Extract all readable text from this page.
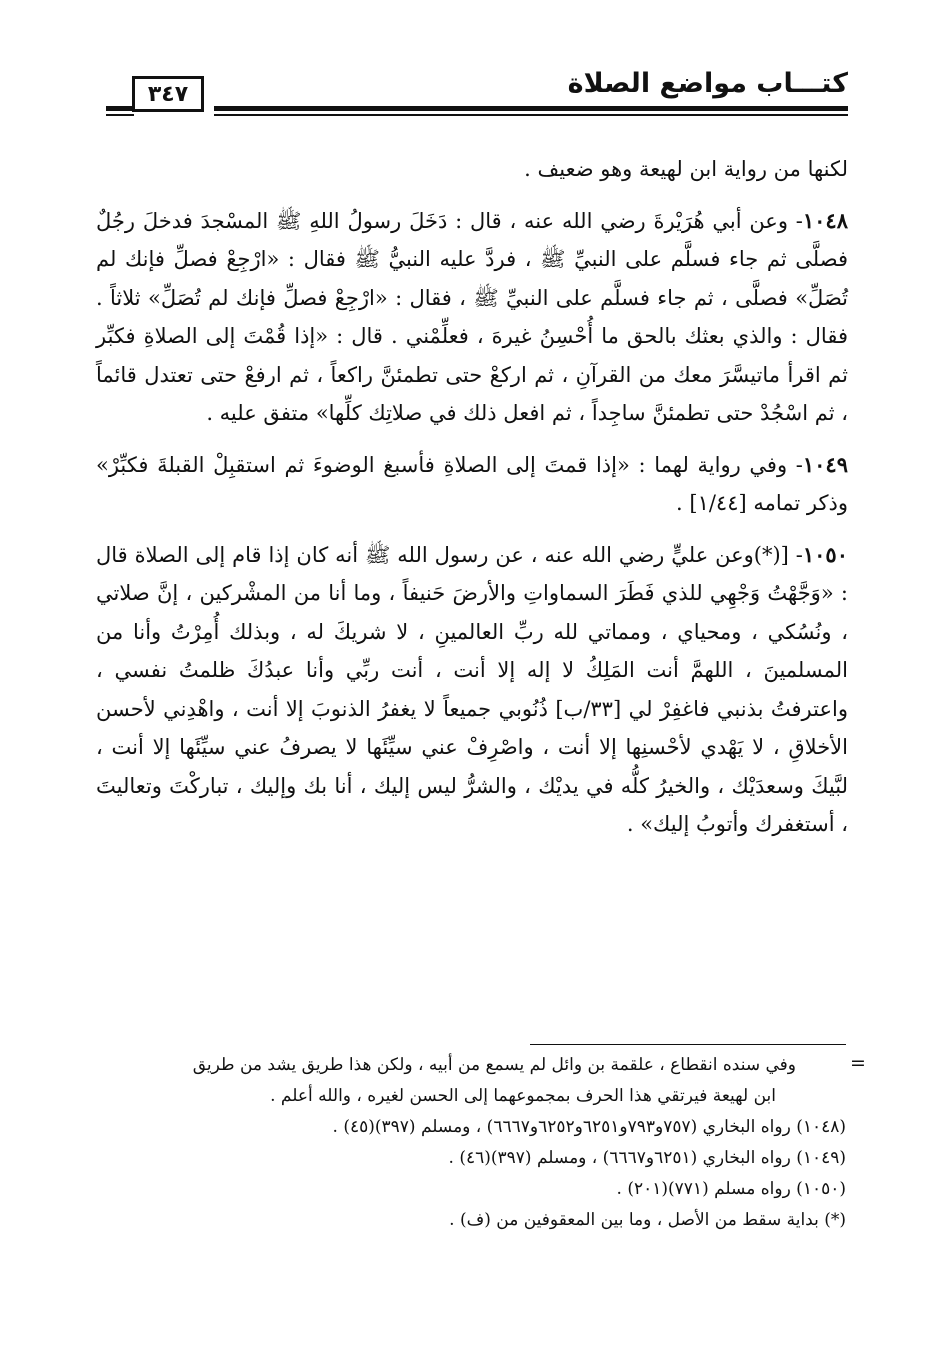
كتـــاب مواضع الصلاة
٣٤٧

لكنها من رواية ابن لهيعة وهو ضعيف .

١٠٤٨- وعن أبي هُرَيْرةَ رضي الله عنه ، قال : دَخَلَ رسولُ اللهِ ﷺ المسْجدَ فدخلَ رجُلٌ فصلَّى ثم جاء فسلَّم على النبيِّ ﷺ ، فردَّ عليه النبيُّ ﷺ فقال : «ارْجِعْ فصلِّ فإنك لم تُصَلِّ» فصلَّى ، ثم جاء فسلَّم على النبيِّ ﷺ ، فقال : «ارْجِعْ فصلِّ فإنك لم تُصَلِّ» ثلاثاً . فقال : والذي بعثك بالحق ما أُحْسِنُ غيرهَ ، فعلِّمْني . قال : «إذا قُمْتَ إلى الصلاةِ فكبِّر ثم اقرأ ماتيسَّرَ معك من القرآنِ ، ثم اركعْ حتى تطمئنَّ راكعاً ، ثم ارفعْ حتى تعتدل قائماً ، ثم اسْجُدْ حتى تطمئنَّ ساجِداً ، ثم افعل ذلك في صلاتِك كلِّها» متفق عليه .

١٠٤٩- وفي رواية لهما : «إذا قمتَ إلى الصلاةِ فأسبغ الوضوءَ ثم استقبِلْ القبلةَ فكبِّرْ» وذكر تمامه [١/٤٤] .

١٠٥٠- [(*)وعن عليٍّ رضي الله عنه ، عن رسول الله ﷺ أنه كان إذا قام إلى الصلاة قال : «وَجَّهْتُ وَجْهِي للذي فَطَرَ السماواتِ والأرضَ حَنيفاً ، وما أنا من المشْركين ، إنَّ صلاتي ، ونُسُكي ، ومحياي ، ومماتي لله ربِّ العالمينِ ، لا شريكَ له ، وبذلك أُمِرْتُ وأنا من المسلمينَ ، اللهمَّ أنت المَلِكُ لا إله إلا أنت ، أنت ربِّي وأنا عبدُكَ ظلمتُ نفسي ، واعترفتُ بذنبي فاغفِرْ لي [٣٣/ب] ذُنُوبي جميعاً لا يغفرُ الذنوبَ إلا أنت ، واهْدِني لأحسن الأخلاقِ ، لا يَهْدي لأحْسنِها إلا أنت ، واصْرِفْ عني سيِّئَها لا يصرفُ عني سيِّئَها إلا أنت ، لبَّيكَ وسعدَيْك ، والخيرُ كلُّه في يديْك ، والشرُّ ليس إليك ، أنا بك وإليك ، تباركْتَ وتعاليتَ ، أستغفرك وأتوبُ إليك» .

=

وفي سنده انقطاع ، علقمة بن وائل لم يسمع من أبيه ، ولكن هذا طريق يشد من طريق

ابن لهيعة فيرتقي هذا الحرف بمجموعهما إلى الحسن لغيره ، والله أعلم .

(١٠٤٨) رواه البخاري (٧٥٧و٧٩٣و٦٢٥١و٦٢٥٢و٦٦٦٧) ، ومسلم (٣٩٧)(٤٥) .

(١٠٤٩) رواه البخاري (٦٢٥١و٦٦٦٧) ، ومسلم (٣٩٧)(٤٦) .

(١٠٥٠) رواه مسلم (٧٧١)(٢٠١) .

(*) بداية سقط من الأصل ، وما بين المعقوفين من (ف) .
